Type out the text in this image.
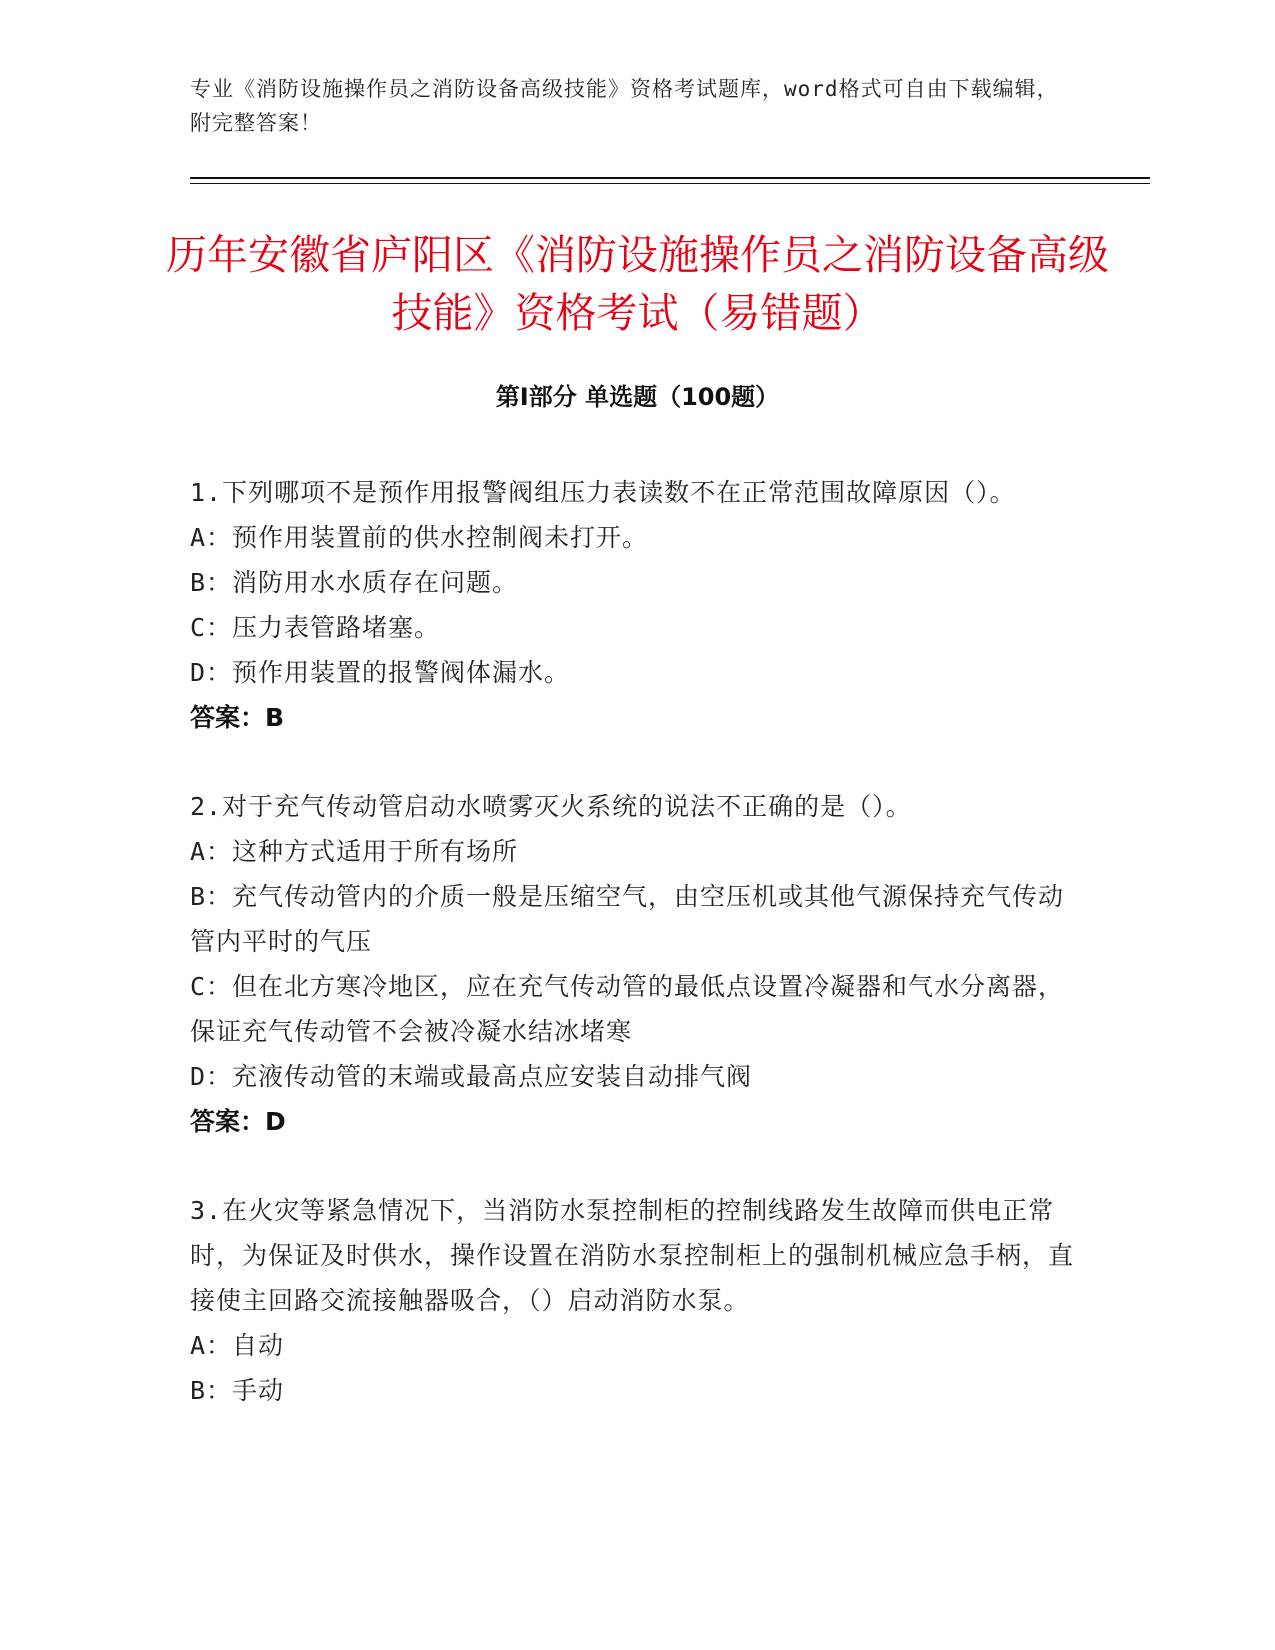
专业《消防设施操作员之消防设备高级技能》资格考试题库，word格式可自由下载编辑，附完整答案！
历年安徽省庐阳区《消防设施操作员之消防设备高级技能》资格考试（易错题）
第Ⅰ部分 单选题（100题）
1.下列哪项不是预作用报警阀组压力表读数不在正常范围故障原因（）。
A：预作用装置前的供水控制阀未打开。
B：消防用水水质存在问题。
C：压力表管路堵塞。
D：预作用装置的报警阀体漏水。
答案：B
2.对于充气传动管启动水喷雾灭火系统的说法不正确的是（）。
A：这种方式适用于所有场所
B：充气传动管内的介质一般是压缩空气，由空压机或其他气源保持充气传动管内平时的气压
C：但在北方寒冷地区，应在充气传动管的最低点设置冷凝器和气水分离器，保证充气传动管不会被冷凝水结冰堵寒
D：充液传动管的末端或最高点应安装自动排气阀
答案：D
3.在火灾等紧急情况下，当消防水泵控制柜的控制线路发生故障而供电正常时，为保证及时供水，操作设置在消防水泵控制柜上的强制机械应急手柄，直接使主回路交流接触器吸合，（）启动消防水泵。
A：自动
B：手动
